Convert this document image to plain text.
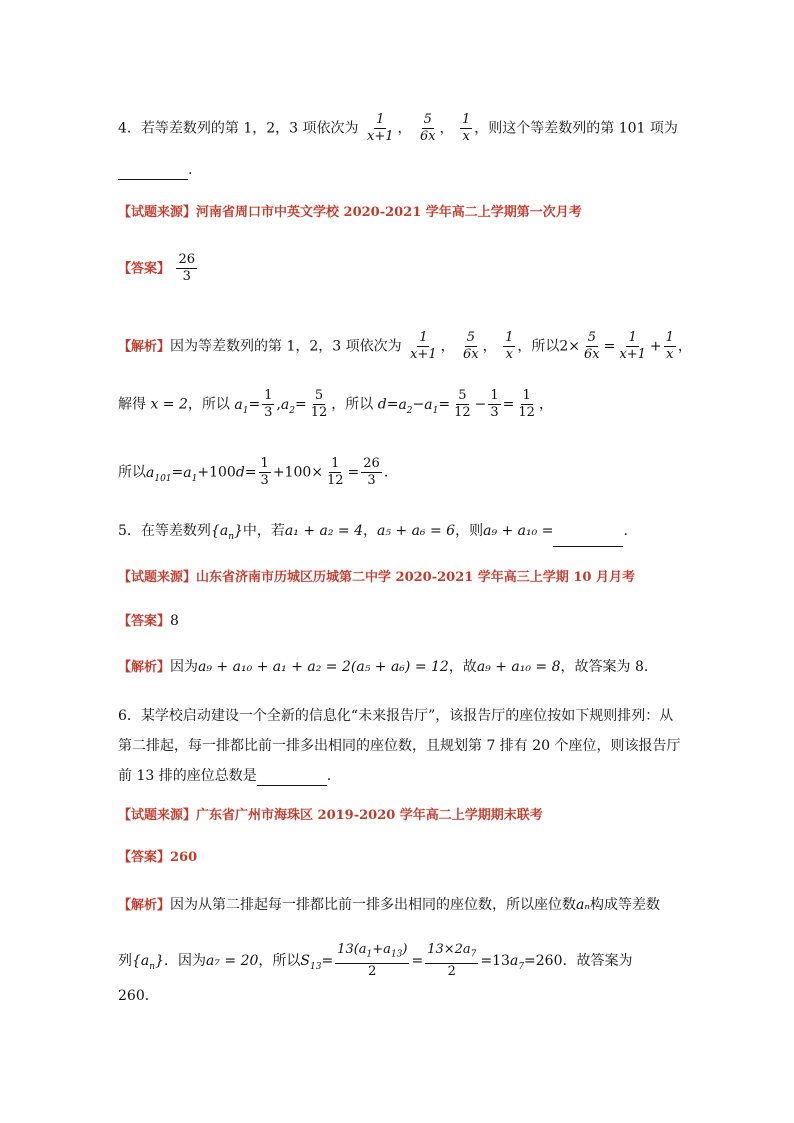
4．若等差数列的第 1，2，3 项依次为 $\frac{1}{x+1}$ ， $\frac{5}{6x}$ ， $\frac{1}{x}$ ，则这个等差数列的第 101 项为
.
【试题来源】河南省周口市中英文学校 2020-2021 学年高二上学期第一次月考
【答案】 $\frac{26}{3}$
【解析】因为等差数列的第 1，2，3 项依次为 $\frac{1}{x+1}$ ， $\frac{5}{6x}$ ， $\frac{1}{x}$ ，所以$2\times \frac{5}{6x} = \frac{1}{x+1} + \frac{1}{x}$ ，
解得 x = 2，所以 $a_1= \frac{1}{3} ,a_2= \frac{5}{12}$ ，所以 $d=a_2-a_1= \frac{5}{12} - \frac{1}{3} = \frac{1}{12}$ ，
所以$a_{101}=a_1+100d= \frac{1}{3} +100\times \frac{1}{12} = \frac{26}{3}$ .
5．在等差数列$\{a_n\}$中，若a₁ + a₂ = 4，a₅ + a₆ = 6，则a₉ + a₁₀ =	.
【试题来源】山东省济南市历城区历城第二中学 2020-2021 学年高三上学期 10 月月考
【答案】8
【解析】因为a₉ + a₁₀ + a₁ + a₂ = 2(a₅ + a₆) = 12，故a₉ + a₁₀ = 8，故答案为 8.
6．某学校启动建设一个全新的信息化“未来报告厅”，该报告厅的座位按如下规则排列：从
第二排起，每一排都比前一排多出相同的座位数，且规划第 7 排有 20 个座位，则该报告厅
前 13 排的座位总数是	.
【试题来源】广东省广州市海珠区 2019-2020 学年高二上学期期末联考
【答案】260
【解析】因为从第二排起每一排都比前一排多出相同的座位数，所以座位数aₙ构成等差数
列$\{a_n\}$．因为a₇ = 20，所以$S_{13}= \frac{13(a_1+a_{13})}{2} = \frac{13\times 2a_7}{2} =13a_7=260$．故答案为
260．
